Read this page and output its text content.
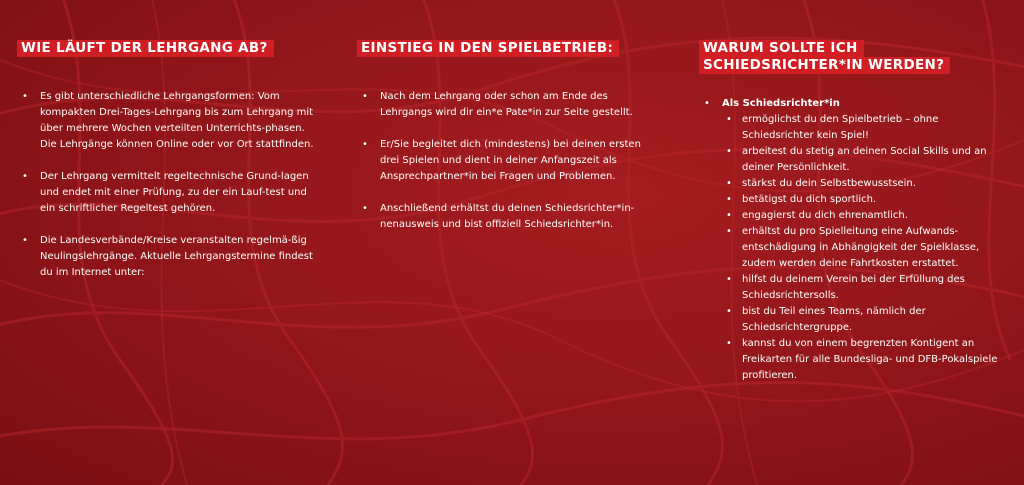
WIE LÄUFT DER LEHRGANG AB?
• Es gibt unterschiedliche Lehrgangsformen: Vom kompakten Drei-Tages-Lehrgang bis zum Lehrgang mit über mehrere Wochen verteilten Unterrichts-phasen. Die Lehrgänge können Online oder vor Ort stattfinden.
• Der Lehrgang vermittelt regeltechnische Grund-lagen und endet mit einer Prüfung, zu der ein Lauf-test und ein schriftlicher Regeltest gehören.
• Die Landesverbände/Kreise veranstalten regelmä-ßig Neulingslehrgänge. Aktuelle Lehrgangstermine findest du im Internet unter:
EINSTIEG IN DEN SPIELBETRIEB:
• Nach dem Lehrgang oder schon am Ende des Lehrgangs wird dir ein*e Pate*in zur Seite gestellt.
• Er/Sie begleitet dich (mindestens) bei deinen ersten drei Spielen und dient in deiner Anfangszeit als Ansprechpartner*in bei Fragen und Problemen.
• Anschließend erhältst du deinen Schiedsrichter*in-nenausweis und bist offiziell Schiedsrichter*in.
WARUM SOLLTE ICH
SCHIEDSRICHTER*IN WERDEN?
• Als Schiedsrichter*in
• ermöglichst du den Spielbetrieb – ohne Schiedsrichter kein Spiel!
• arbeitest du stetig an deinen Social Skills und an deiner Persönlichkeit.
• stärkst du dein Selbstbewusstsein.
• betätigst du dich sportlich.
• engagierst du dich ehrenamtlich.
• erhältst du pro Spielleitung eine Aufwands-entschädigung in Abhängigkeit der Spielklasse, zudem werden deine Fahrtkosten erstattet.
• hilfst du deinem Verein bei der Erfüllung des Schiedsrichtersolls.
• bist du Teil eines Teams, nämlich der Schiedsrichtergruppe.
• kannst du von einem begrenzten Kontigent an Freikarten für alle Bundesliga- und DFB-Pokalspiele profitieren.
